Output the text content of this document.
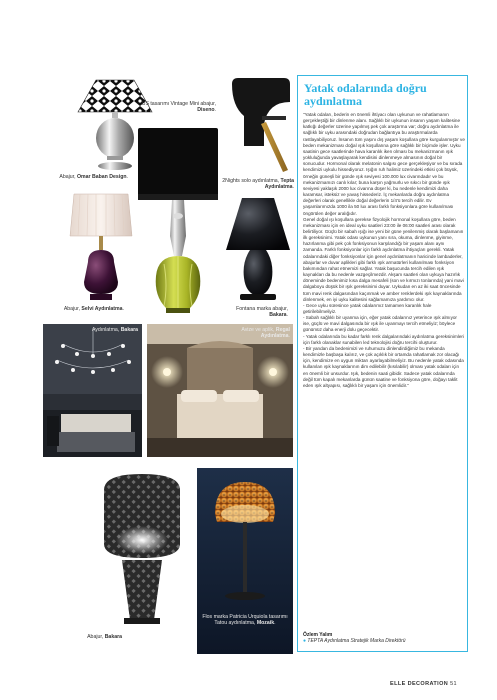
Abajur, Omar Baban Design.
US tasarımı Vintage Mini abajur, Diseno.
2Nights solo aydınlatma, Tepta Aydınlatma.
Abajur, Selvi Aydınlatma.	Fontana marka abajur, Bakara.
Aydınlatma, Bakara	Avize ve aplik, Regal Aydınlatma.
Abajur, Bakara
Flos marka Patricia Urquiola tasarımı Tatou aydınlatma, Mozaik.
Yatak odalarında doğru aydınlatma

"Yatak odaları, bederin en önemli ihtiyacı olan uykunun ve rahatlamanın gerçekleştiği bir dinlenme alanı. Sağlıklı bir uykunun insanın yaşam kalitesine katkığı değerler üzerine yapılmış pek çok araştırma var; doğru aydınlatma ile sağlıklı bir uyku arasındaki doğrudan bağlantıya bu araştırmalarda rastlayabiliyoruz. İnsanın tüm yaşını dış yaşam koşullara göre kurgulanmıştır ve beden mekanizması doğal ışık koşullarına göre sağlıklı bir biçimde işler. Uyku saatinin gece saatlerinde hava karanlık iken olması bu mekanizmanın ışık yokluluğunda yavaşlayarak kendisini dinlenmeye almasının doğal bir sonucudur. Hormonal olarak melatonin salgısı gece gerçekleşiyor ve bu sırada kendimizi uykulu hissediyoruz. Işığın ruh halimiz üzerindeki etkisi çok büyük, örneğin güneşli bir günde ışık seviyesi 100.000 lux civarındadır ve bu mekanizmamızı canlı kılar; buna karşın yağmurlu ve sıkıcı bir günde ışık seviyesi yaklaşık 2000 lux civarına düşer ki, bu nedenle kendimizi daha karamsar, isteksiz ve yavaş hissederiz. İç mekanlarda doğru aydınlatma değerleri olarak genellikle doğal değerlerin 1/4'ü tercih edilir. Ev yaşamlarımızda 1000 ila 50 lux arası farklı fonksiyonlara göre kullanılması öngörülen değer aralığıdır.

Genel doğal ışı koşullara gerekse fizyolojik hormonal koşullara göre, beden mekanizması için en ideal uyku saatleri 23:00 ile 06:00 saatleri arası olarak belirtiliyor. Güçlü bir sabah ışığı ise yeni bir güne yenilenmiş olarak başlamanın ilk gereksinimi. Yatak odası uykunun yanı sıra, okuma, dinlenme, giyinme, hazırlanma gibi pek çok fonksiyonun karşılandığı bir yaşam alanı aynı zamanda. Farklı fonksiyonlar için farklı aydınlatma ihtiyaçları gerekli. Yatak odalarındaki diğer fonksiyonlar için genel aydınlatmanın haricinde lambaderler, abajurlar ve duvar aplikleri gibi farklı ışık armatürleri kullanılması fonksiyon bakımından rahat etmemizi sağlar. Yatak başucunda tercih edilen ışık kaynakları da bu nedenle vazgeçilmezdir. Akşam saatleri olan uykuya hazırlık döneminde bedenimiz kısa dalga mesafeli (son ve kırmızı tonlarında) yani mavi dalgaboyu düşük bir ışık gereksinimi duyar. Uykudan en az iki saat öncesinde tüm mavi renk dalgasından kaçınmak ve amber renklerdeki ışık kaynaklarında dinlenmek, en iyi uyku kalitesini sağlamamıza yardımcı olur.

- Gece uyku süresince yatak odalarımız tamamen karanlık hale getirilebilmeliyiz.

- Sabah sağlıklı bir uyanma için, eğer yatak odalarınız yeterince ışık almıyor ise, güçlü ve mavi dalgasında bir ışık ile uyanmayı tercih etmeliyiz; böylece günümüz daha enerji dolu geçecektir.

- Yatak odalarında bu kadar farklı renk dalgalarındaki aydınlatma gereksinimleri için farklı olanaklar sunabilen led teknolojisi doğru tercihi oluşturur.

- Bir yandan da bedenimizi ve ruhumuzu dinlendirdiğimiz bu mekanda kendimizle başbaşa kalırız, ve çok açıklık bir ortamda rahatlamak zor olacağı için, kendimize en uygun miktarı ayarlayabilmeliyiz. Bu nedenle yatak odasında kullanılan ışık kaynaklarının dim edilebilir (kısılabilir) olması yatak odaları için en önemli bir unsurdur. Işık, bedenin saati gibidir. Sadece yatak odalarında değil tüm kapalı mekanlarda günün saatine ve fonksiyona göre, doğayı taklit eden ışık altyapısı, sağlıklı bir yaşam için önemlidir."

Özlem Yalım
● TEPTA Aydınlatma Stratejik Marka Direktörü
ELLE DECORATION 51
